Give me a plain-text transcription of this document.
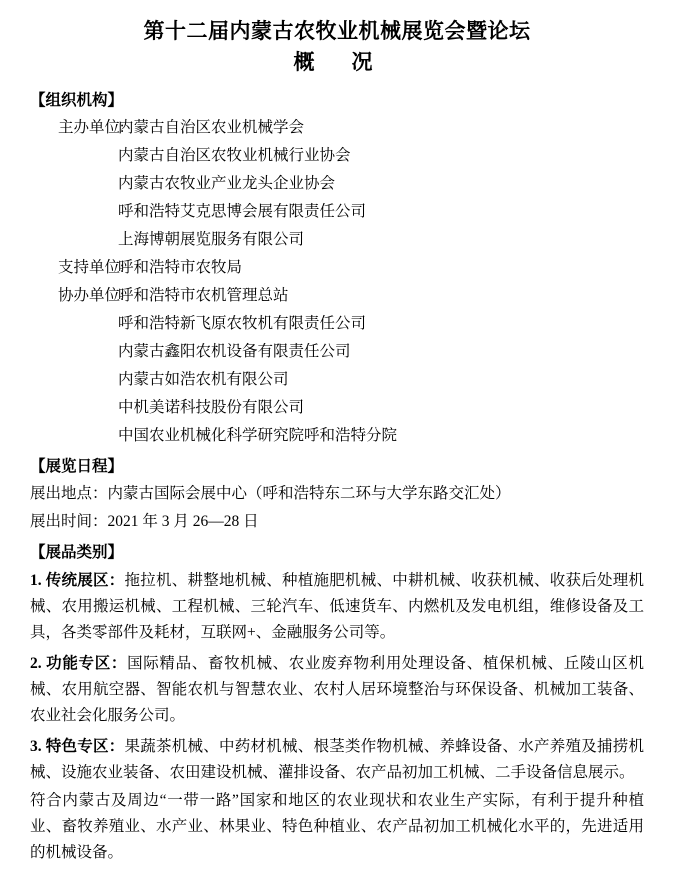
第十二届内蒙古农牧业机械展览会暨论坛
概　况
【组织机构】
主办单位:
内蒙古自治区农业机械学会
内蒙古自治区农牧业机械行业协会
内蒙古农牧业产业龙头企业协会
呼和浩特艾克思博会展有限责任公司
上海博朝展览服务有限公司
支持单位:
呼和浩特市农牧局
协办单位:
呼和浩特市农机管理总站
呼和浩特新飞原农牧机有限责任公司
内蒙古鑫阳农机设备有限责任公司
内蒙古如浩农机有限公司
中机美诺科技股份有限公司
中国农业机械化科学研究院呼和浩特分院
【展览日程】
展出地点：内蒙古国际会展中心（呼和浩特东二环与大学东路交汇处）
展出时间：2021 年 3 月 26—28 日
【展品类别】
1. 传统展区：拖拉机、耕整地机械、种植施肥机械、中耕机械、收获机械、收获后处理机械、农用搬运机械、工程机械、三轮汽车、低速货车、内燃机及发电机组，维修设备及工具，各类零部件及耗材，互联网+、金融服务公司等。
2. 功能专区：国际精品、畜牧机械、农业废弃物利用处理设备、植保机械、丘陵山区机械、农用航空器、智能农机与智慧农业、农村人居环境整治与环保设备、机械加工装备、农业社会化服务公司。
3. 特色专区：果蔬茶机械、中药材机械、根茎类作物机械、养蜂设备、水产养殖及捕捞机械、设施农业装备、农田建设机械、灌排设备、农产品初加工机械、二手设备信息展示。
符合内蒙古及周边“一带一路”国家和地区的农业现状和农业生产实际，有利于提升种植业、畜牧养殖业、水产业、林果业、特色种植业、农产品初加工机械化水平的，先进适用的机械设备。
